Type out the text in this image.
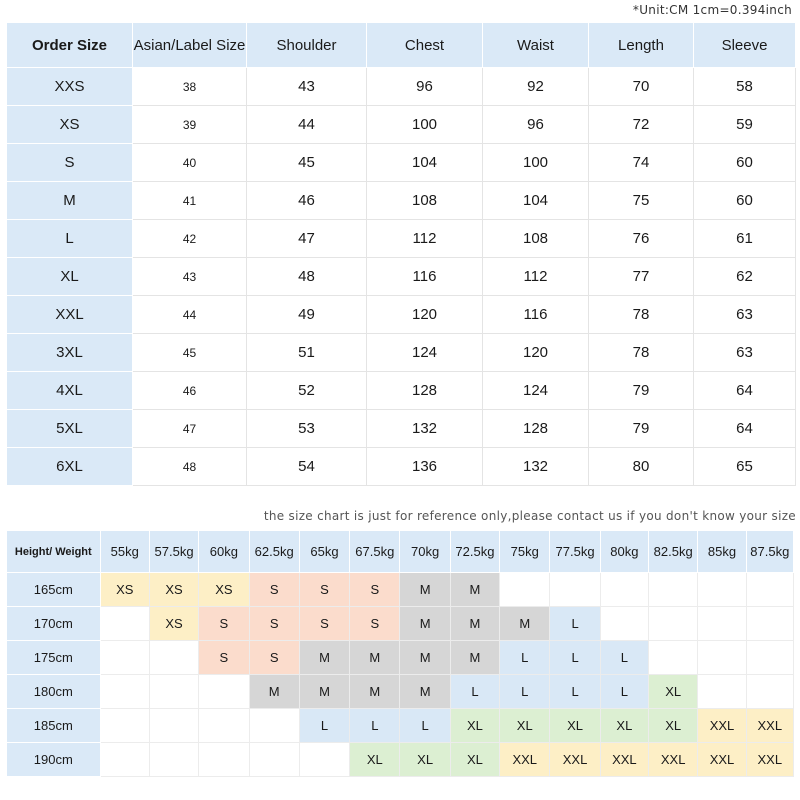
*Unit:CM 1cm=0.394inch
Order Size	Asian/Label Size	Shoulder	Chest	Waist	Length	Sleeve
XXS	38	43	96	92	70	58
XS	39	44	100	96	72	59
S	40	45	104	100	74	60
M	41	46	108	104	75	60
L	42	47	112	108	76	61
XL	43	48	116	112	77	62
XXL	44	49	120	116	78	63
3XL	45	51	124	120	78	63
4XL	46	52	128	124	79	64
5XL	47	53	132	128	79	64
6XL	48	54	136	132	80	65
the size chart is just for reference only,please contact us if you don't know your size
Height/ Weight	55kg	57.5kg	60kg	62.5kg	65kg	67.5kg	70kg	72.5kg	75kg	77.5kg	80kg	82.5kg	85kg	87.5kg
165cm	XS	XS	XS	S	S	S	M	M						
170cm		XS	S	S	S	S	M	M	M	L				
175cm			S	S	M	M	M	M	L	L	L			
180cm				M	M	M	M	L	L	L	L	XL		
185cm					L	L	L	XL	XL	XL	XL	XL	XXL	XXL
190cm						XL	XL	XL	XXL	XXL	XXL	XXL	XXL	XXL
